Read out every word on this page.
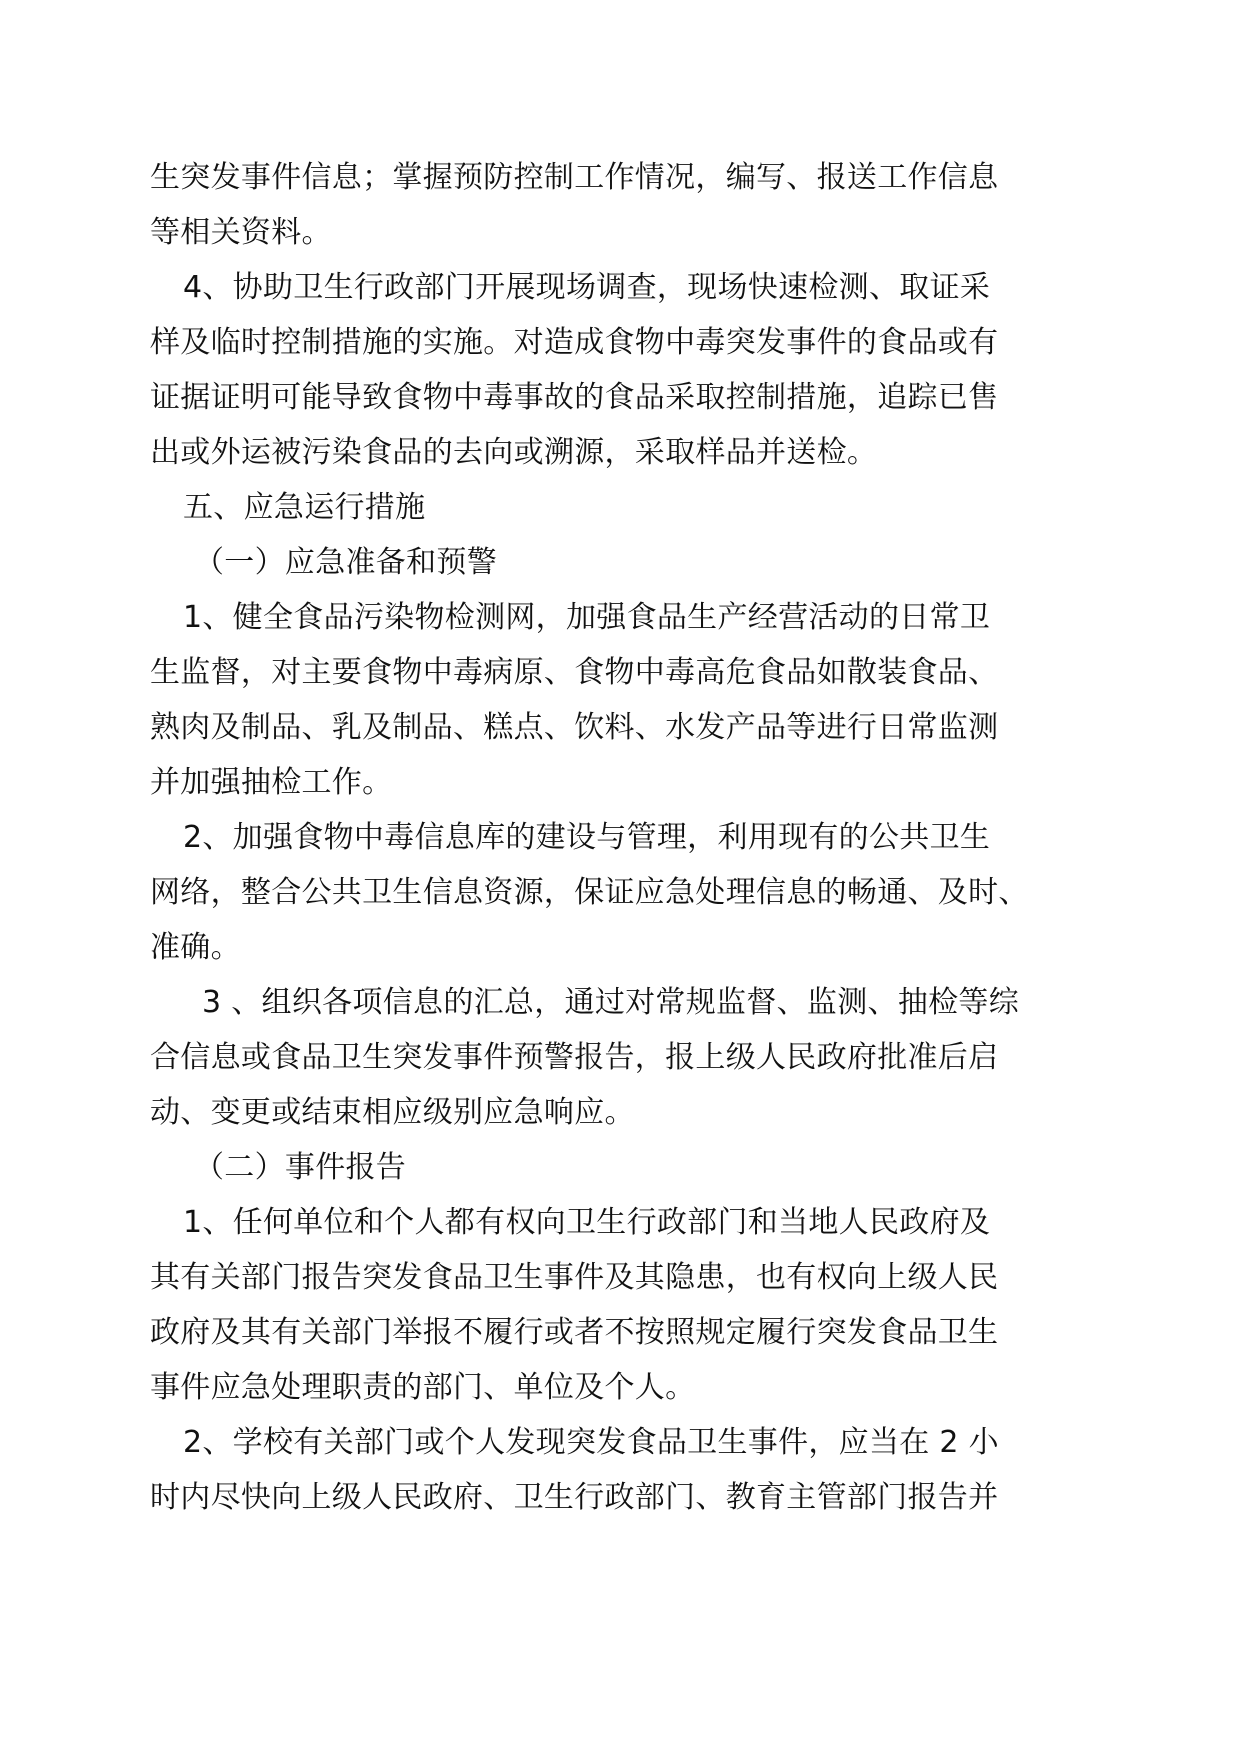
生突发事件信息；掌握预防控制工作情况，编写、报送工作信息
等相关资料。
4、协助卫生行政部门开展现场调查，现场快速检测、取证采
样及临时控制措施的实施。对造成食物中毒突发事件的食品或有
证据证明可能导致食物中毒事故的食品采取控制措施，追踪已售
出或外运被污染食品的去向或溯源，采取样品并送检。
五、应急运行措施
（一）应急准备和预警
1、健全食品污染物检测网，加强食品生产经营活动的日常卫
生监督，对主要食物中毒病原、食物中毒高危食品如散装食品、
熟肉及制品、乳及制品、糕点、饮料、水发产品等进行日常监测
并加强抽检工作。
2、加强食物中毒信息库的建设与管理，利用现有的公共卫生
网络，整合公共卫生信息资源，保证应急处理信息的畅通、及时、
准确。
3 、组织各项信息的汇总，通过对常规监督、监测、抽检等综
合信息或食品卫生突发事件预警报告，报上级人民政府批准后启
动、变更或结束相应级别应急响应。
（二）事件报告
1、任何单位和个人都有权向卫生行政部门和当地人民政府及
其有关部门报告突发食品卫生事件及其隐患，也有权向上级人民
政府及其有关部门举报不履行或者不按照规定履行突发食品卫生
事件应急处理职责的部门、单位及个人。
2、学校有关部门或个人发现突发食品卫生事件，应当在 2 小
时内尽快向上级人民政府、卫生行政部门、教育主管部门报告并
